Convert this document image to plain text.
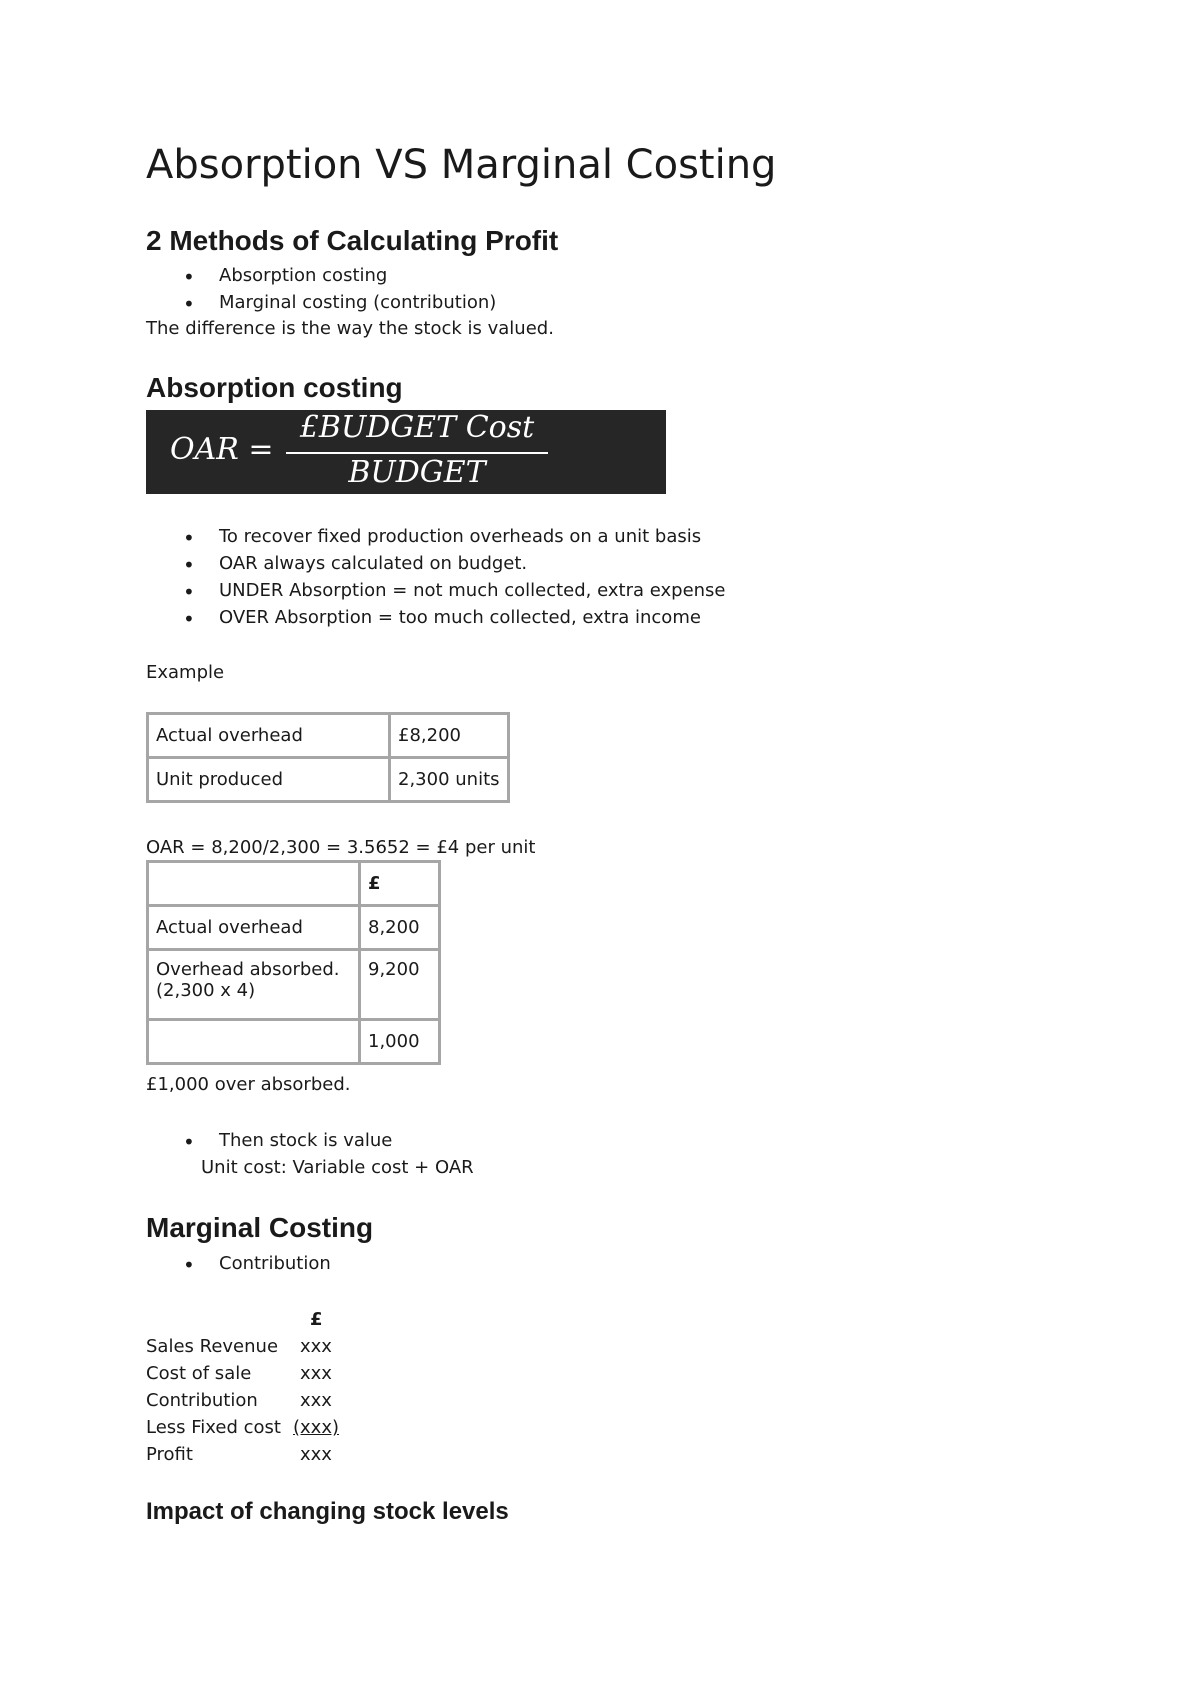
Absorption VS Marginal Costing
2 Methods of Calculating Profit
• Absorption costing
• Marginal costing (contribution)

The difference is the way the stock is valued.

Absorption costing
OAR =
£BUDGET Cost
BUDGET Activity
• To recover fixed production overheads on a unit basis
• OAR always calculated on budget.
• UNDER Absorption = not much collected, extra expense
• OVER Absorption = too much collected, extra income

Example

Actual overhead	£8,200
Unit produced	2,300 units

OAR = 8,200/2,300 = 3.5652 = £4 per unit

	£
Actual overhead	8,200

Overhead absorbed.
(2,300 x 4)	9,200
	1,000

£1,000 over absorbed.

• Then stock is value

Unit cost: Variable cost + OAR

Marginal Costing
• Contribution
£
Sales Revenue xxx
Cost of sale	xxx
Contribution xxx
Less Fixed cost (xxx)
Profit	xxx
Impact of changing stock levels
